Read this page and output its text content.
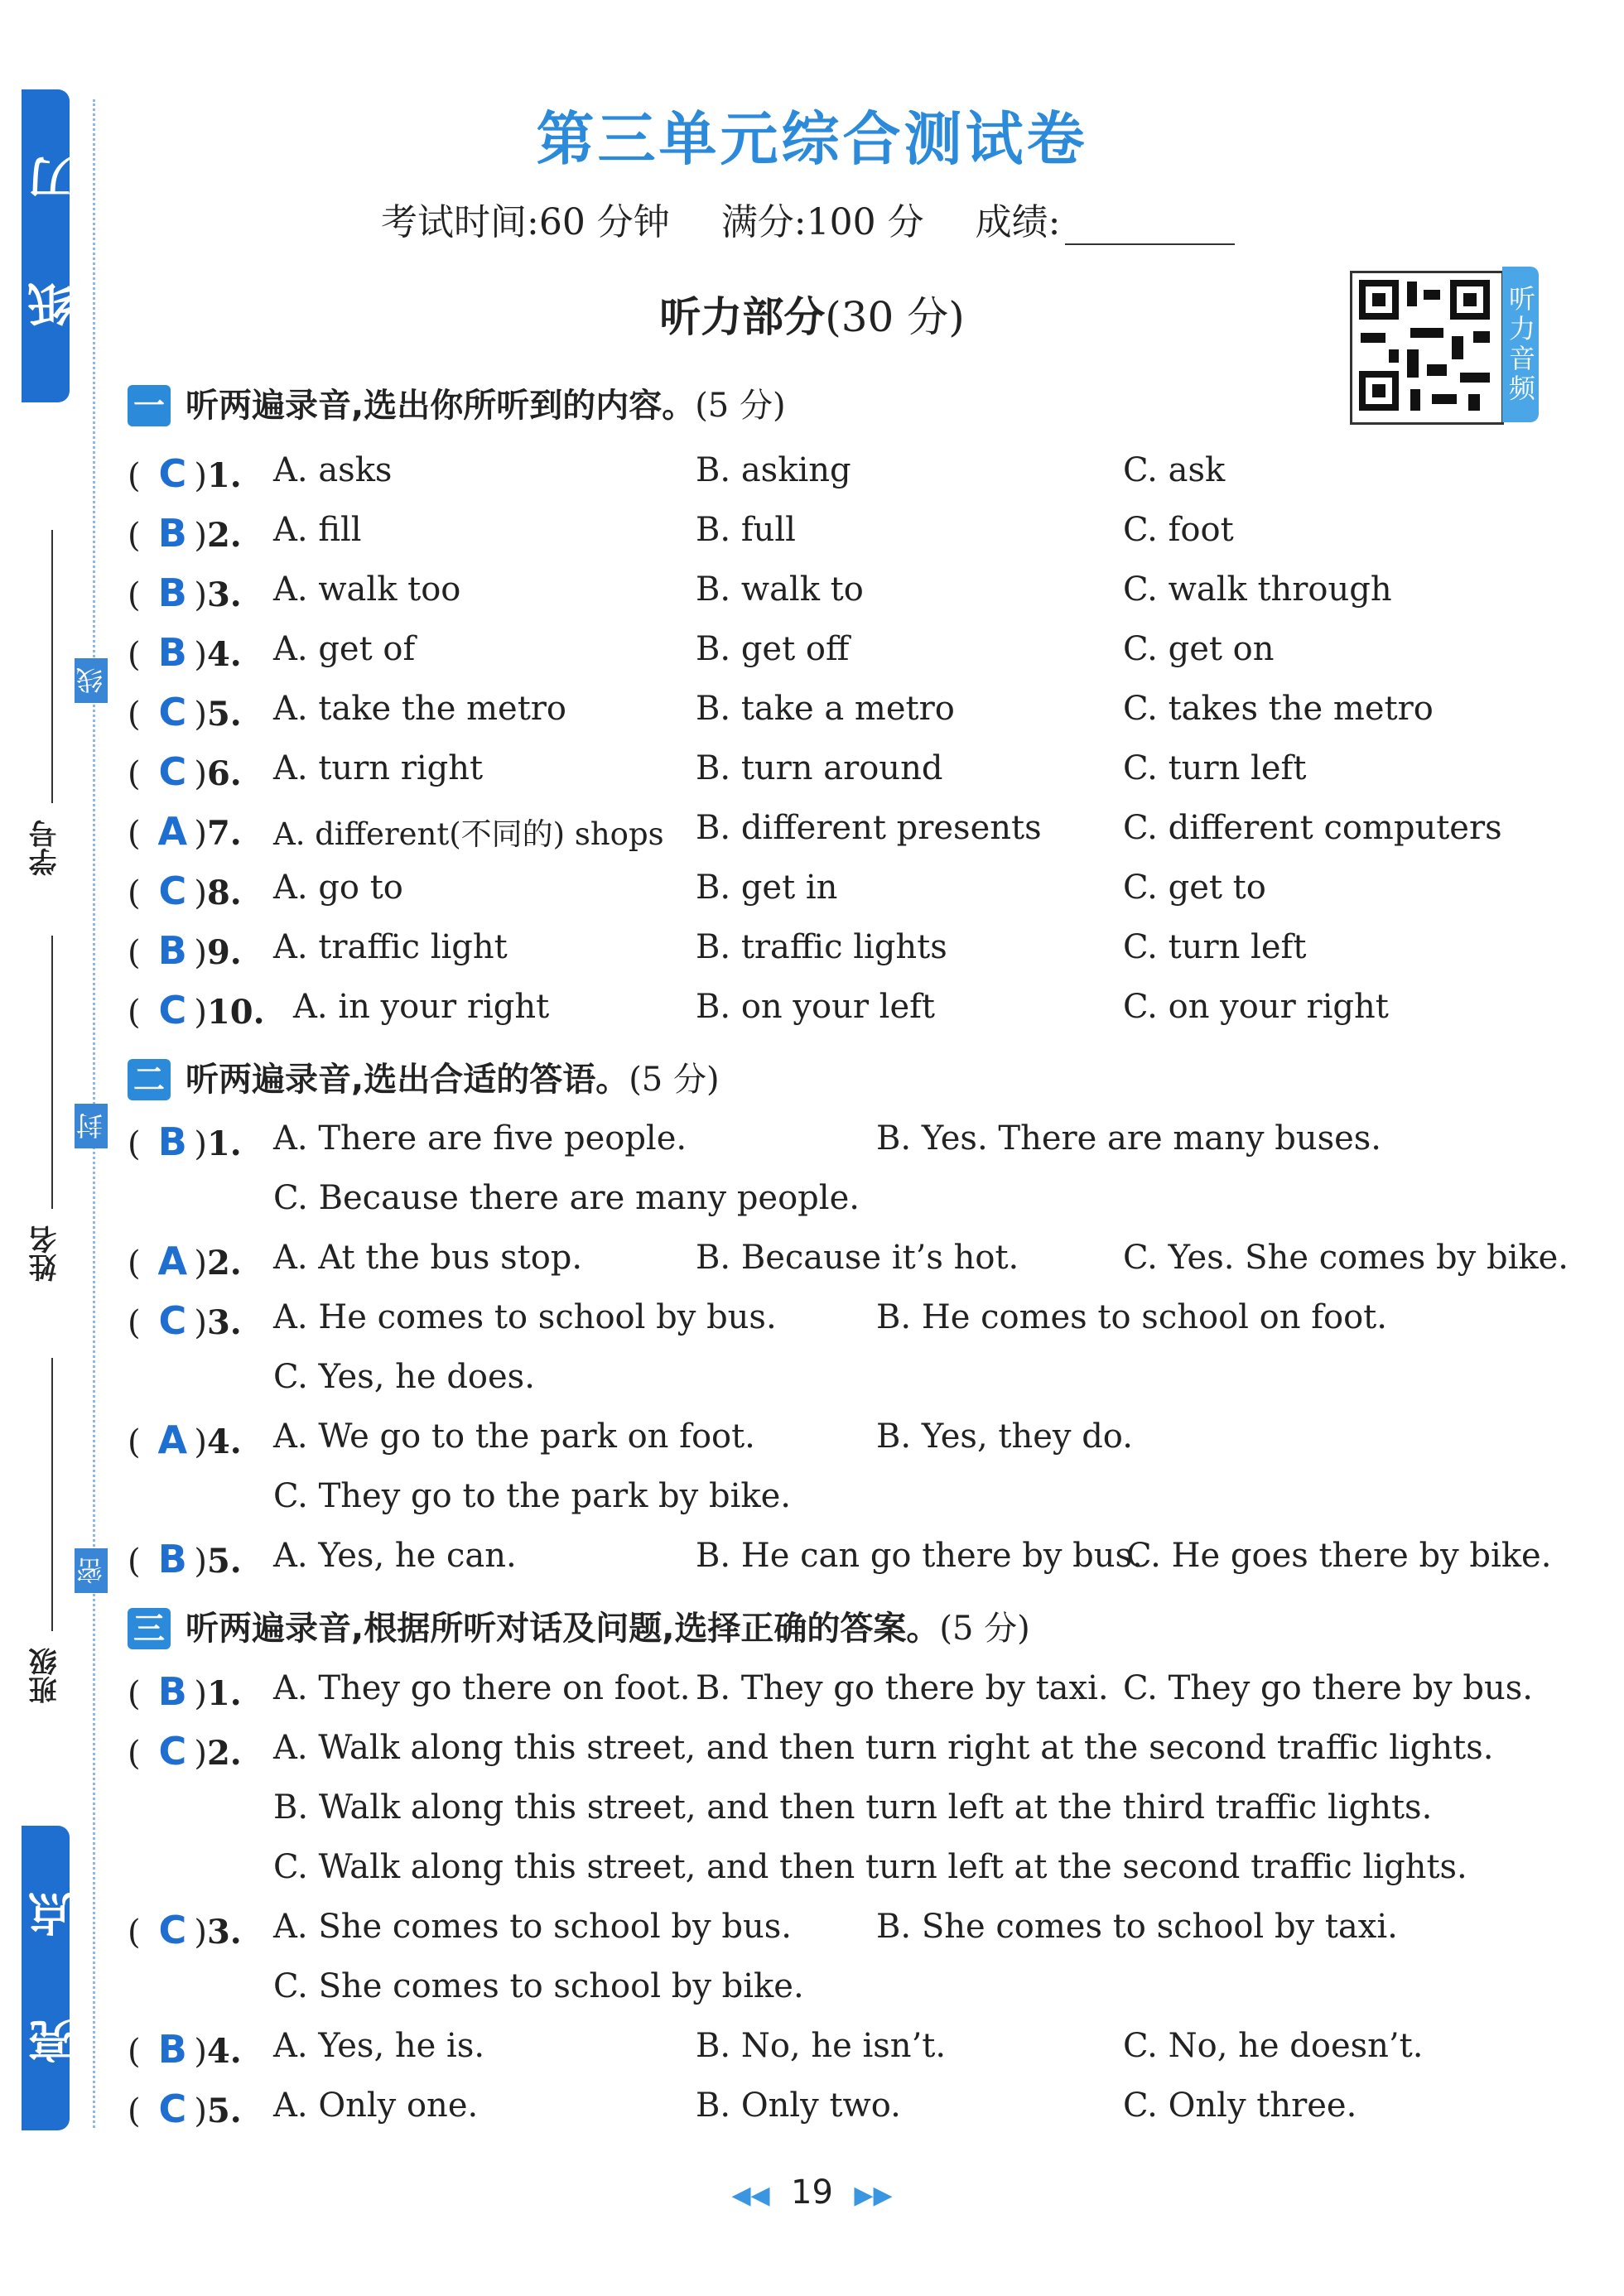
纸 刀
亮 点
学号
姓名
班级
线
封
密
第三单元综合测试卷
考试时间:60 分钟 满分:100 分 成绩:
听力部分(30 分)	听力音频
一 听两遍录音,选出你所听到的内容。(5 分)
( C )1. A. asks	B. asking	C. ask
( B )2. A. fill	B. full	C. foot
( B )3. A. walk too	B. walk to	C. walk through
( B )4. A. get of	B. get off	C. get on
( C )5. A. take the metro	B. take a metro	C. takes the metro
( C )6. A. turn right	B. turn around	C. turn left
( A )7. A. different(不同的) shops B. different presents C. different computers
( C )8. A. go to	B. get in	C. get to
( B )9. A. traffic light	B. traffic lights	C. turn left
( C )10. A. in your right	B. on your left	C. on your right
二 听两遍录音,选出合适的答语。(5 分)
( B )1. A. There are five people.	B. Yes. There are many buses.
C. Because there are many people.
( A )2. A. At the bus stop.	B. Because it’s hot.	C. Yes. She comes by bike.
( C )3. A. He comes to school by bus.	B. He comes to school on foot.
C. Yes, he does.
( A )4. A. We go to the park on foot.	B. Yes, they do.
C. They go to the park by bike.
( B )5. A. Yes, he can.	B. He can go there by bus.
C. He goes there by bike.
三 听两遍录音,根据所听对话及问题,选择正确的答案。(5 分)
( B )1. A. They go there on foot. B. They go there by taxi. C. They go there by bus.
( C )2. A. Walk along this street, and then turn right at the second traffic lights.
B. Walk along this street, and then turn left at the third traffic lights.
C. Walk along this street, and then turn left at the second traffic lights.
( C )3. A. She comes to school by bus.	B. She comes to school by taxi.
C. She comes to school by bike.
( B )4. A. Yes, he is.	B. No, he isn’t.	C. No, he doesn’t.
( C )5. A. Only one.	B. Only two.	C. Only three.
◀◀ 19 ▶▶
